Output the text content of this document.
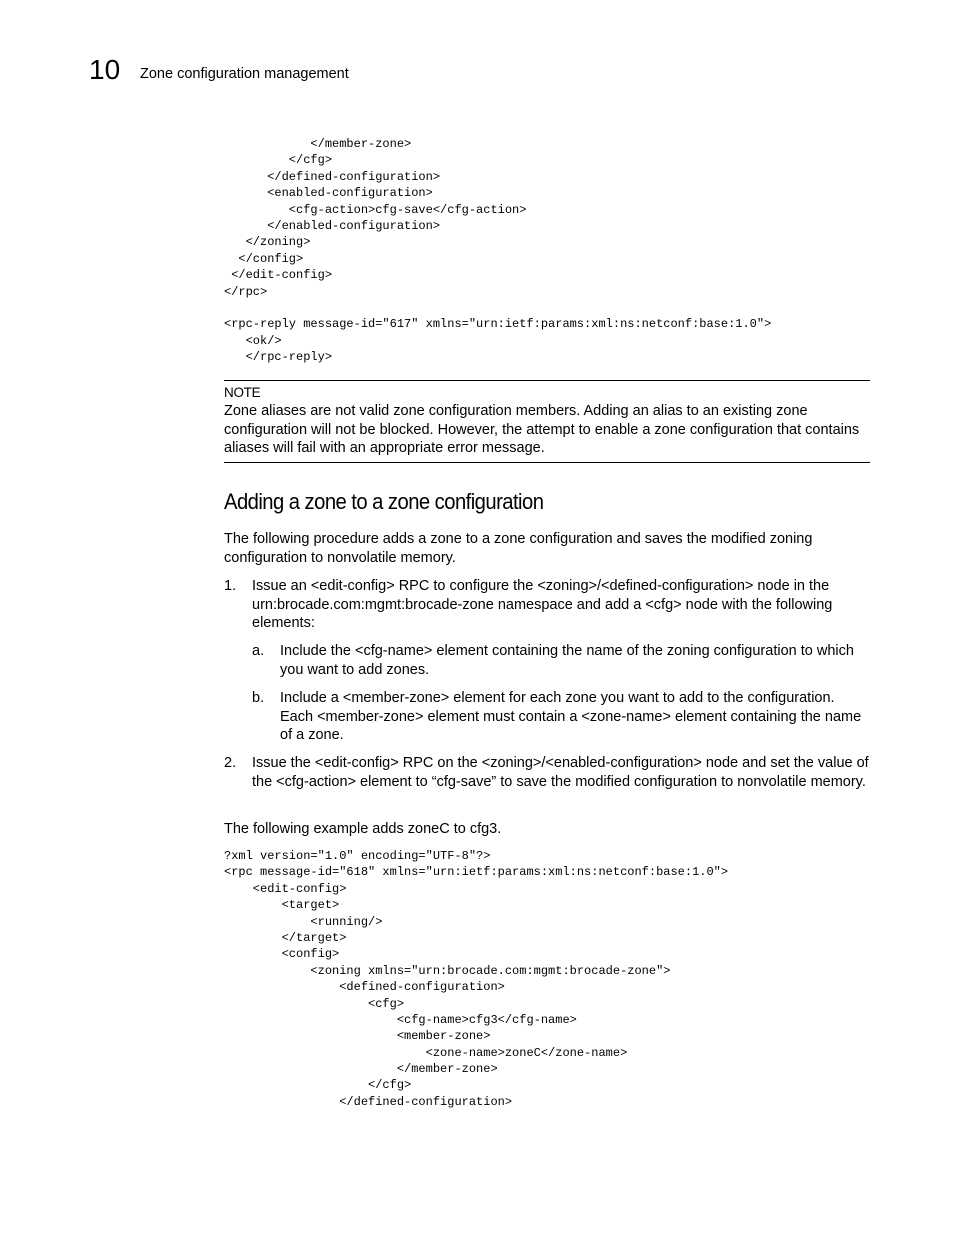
10 Zone configuration management
</member-zone>
</cfg>
</defined-configuration>
<enabled-configuration>
<cfg-action>cfg-save</cfg-action>
</enabled-configuration>
</zoning>
</config>
</edit-config>
</rpc>
<rpc-reply message-id="617" xmlns="urn:ietf:params:xml:ns:netconf:base:1.0">
<ok/>
</rpc-reply>
NOTE
Zone aliases are not valid zone configuration members. Adding an alias to an existing zone configuration will not be blocked. However, the attempt to enable a zone configuration that contains aliases will fail with an appropriate error message.
Adding a zone to a zone configuration
The following procedure adds a zone to a zone configuration and saves the modified zoning configuration to nonvolatile memory.
1. Issue an <edit-config> RPC to configure the <zoning>/<defined-configuration> node in the urn:brocade.com:mgmt:brocade-zone namespace and add a <cfg> node with the following elements:
a. Include the <cfg-name> element containing the name of the zoning configuration to which you want to add zones.
b. Include a <member-zone> element for each zone you want to add to the configuration. Each <member-zone> element must contain a <zone-name> element containing the name of a zone.
2. Issue the <edit-config> RPC on the <zoning>/<enabled-configuration> node and set the value of the <cfg-action> element to “cfg-save” to save the modified configuration to nonvolatile memory.
The following example adds zoneC to cfg3.
?xml version="1.0" encoding="UTF-8"?>
<rpc message-id="618" xmlns="urn:ietf:params:xml:ns:netconf:base:1.0">
<edit-config>
<target>
<running/>
</target>
<config>
<zoning xmlns="urn:brocade.com:mgmt:brocade-zone">
<defined-configuration>
<cfg>
<cfg-name>cfg3</cfg-name>
<member-zone>
<zone-name>zoneC</zone-name>
</member-zone>
</cfg>
</defined-configuration>
